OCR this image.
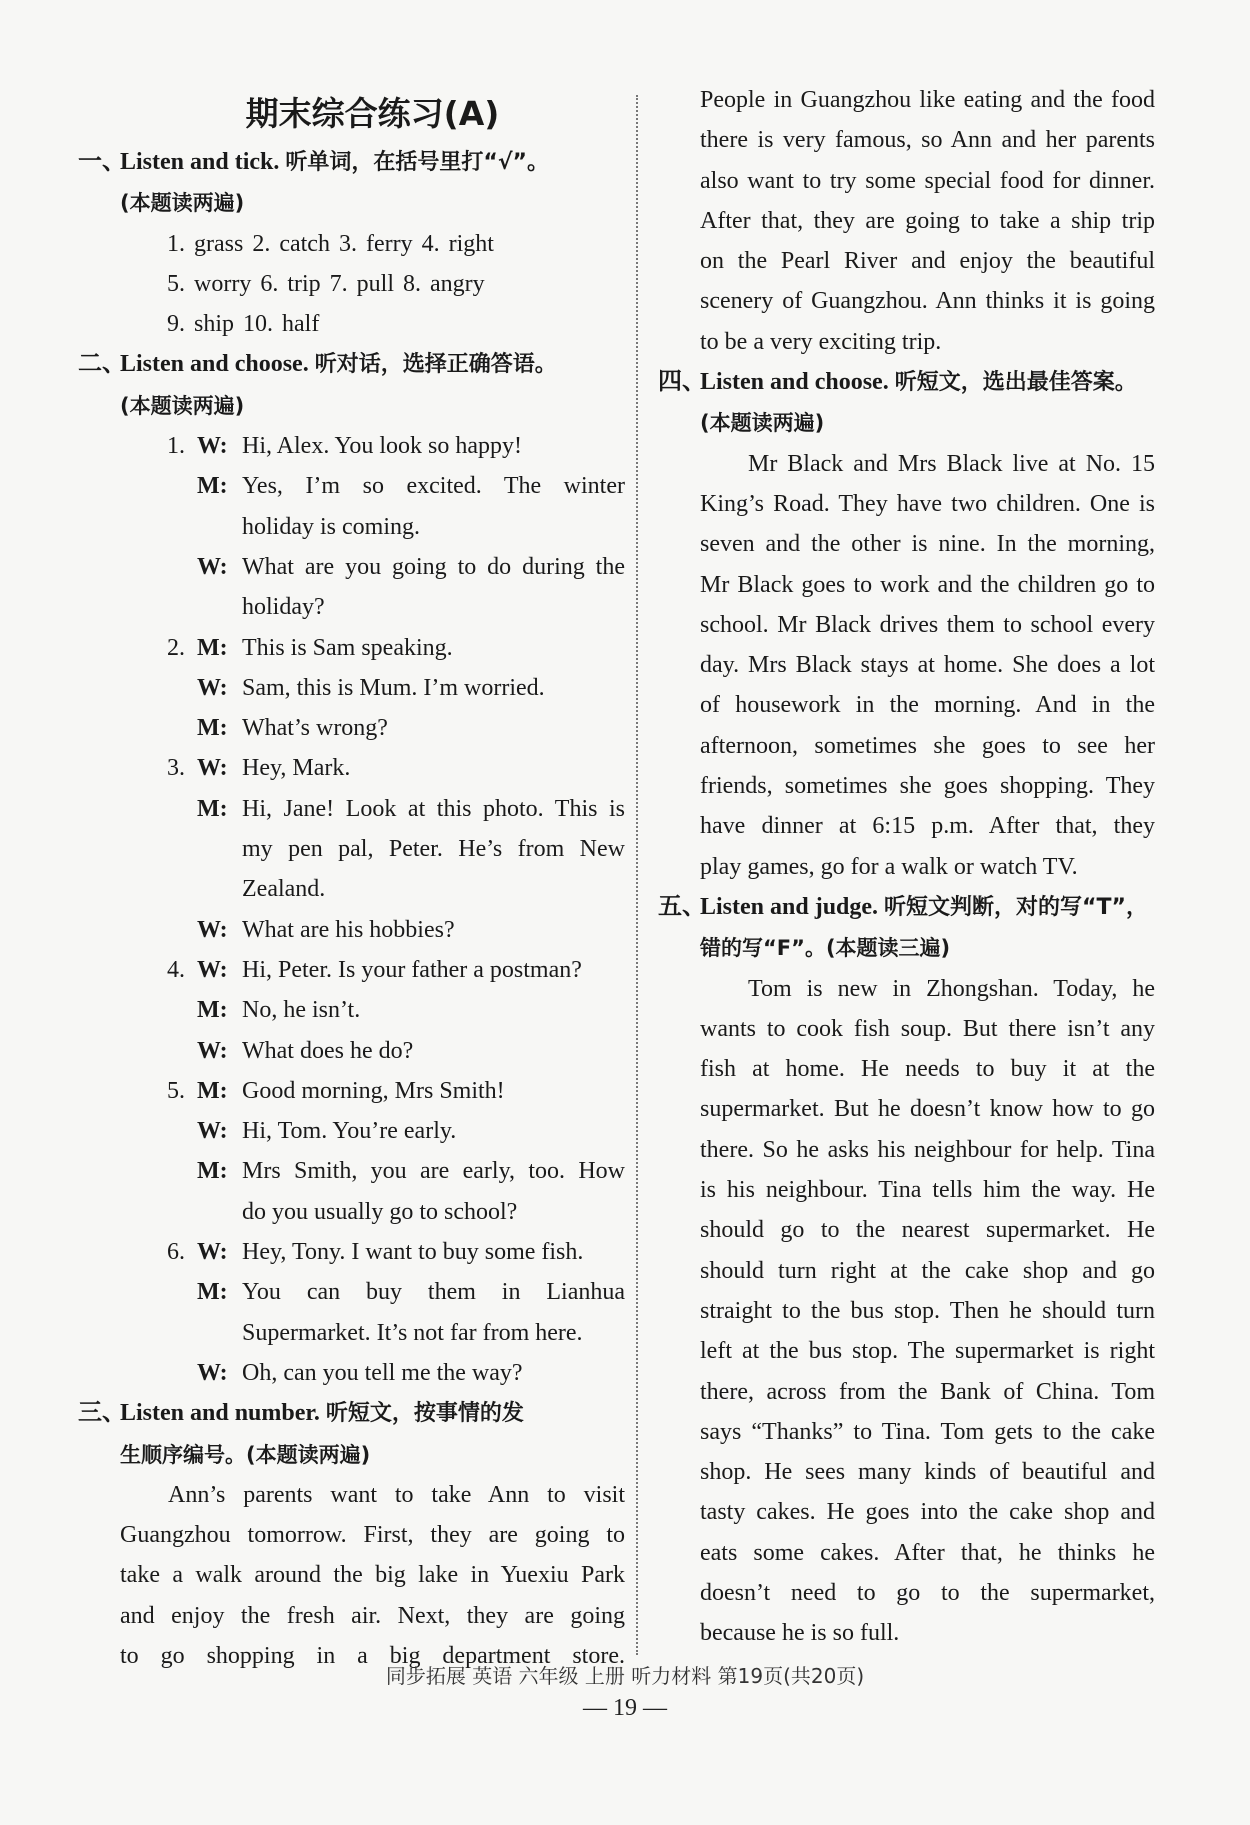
期末综合练习(A)
一、
Listen and tick. 听单词，在括号里打“√”。
(本题读两遍)
1. grass 2. catch 3. ferry 4. right
5. worry 6. trip 7. pull 8. angry
9. ship 10. half
二、
Listen and choose. 听对话，选择正确答语。
(本题读两遍)
1. W: Hi, Alex. You look so happy!
M: Yes, I’m so excited. The winter
holiday is coming.
W: What are you going to do during the
holiday?
2. M: This is Sam speaking.
W: Sam, this is Mum. I’m worried.
M: What’s wrong?
3. W: Hey, Mark.
M: Hi, Jane! Look at this photo. This is
my pen pal, Peter. He’s from New
Zealand.
W: What are his hobbies?
4. W: Hi, Peter. Is your father a postman?
M: No, he isn’t.
W: What does he do?
5. M: Good morning, Mrs Smith!
W: Hi, Tom. You’re early.
M: Mrs Smith, you are early, too. How
do you usually go to school?
6. W: Hey, Tony. I want to buy some fish.
M: You can buy them in Lianhua
Supermarket. It’s not far from here.
W: Oh, can you tell me the way?
三、
Listen and number. 听短文，按事情的发
生顺序编号。(本题读两遍)
Ann’s parents want to take Ann to visit
Guangzhou tomorrow. First, they are going to
take a walk around the big lake in Yuexiu Park
and enjoy the fresh air. Next, they are going
to go shopping in a big department store.
People in Guangzhou like eating and the food
there is very famous, so Ann and her parents
also want to try some special food for dinner.
After that, they are going to take a ship trip
on the Pearl River and enjoy the beautiful
scenery of Guangzhou. Ann thinks it is going
to be a very exciting trip.
四、
Listen and choose. 听短文，选出最佳答案。
(本题读两遍)
Mr Black and Mrs Black live at No. 15
King’s Road. They have two children. One is
seven and the other is nine. In the morning,
Mr Black goes to work and the children go to
school. Mr Black drives them to school every
day. Mrs Black stays at home. She does a lot
of housework in the morning. And in the
afternoon, sometimes she goes to see her
friends, sometimes she goes shopping. They
have dinner at 6:15 p.m. After that, they
play games, go for a walk or watch TV.
五、
Listen and judge. 听短文判断，对的写“T”，
错的写“F”。(本题读三遍)
Tom is new in Zhongshan. Today, he
wants to cook fish soup. But there isn’t any
fish at home. He needs to buy it at the
supermarket. But he doesn’t know how to go
there. So he asks his neighbour for help. Tina
is his neighbour. Tina tells him the way. He
should go to the nearest supermarket. He
should turn right at the cake shop and go
straight to the bus stop. Then he should turn
left at the bus stop. The supermarket is right
there, across from the Bank of China. Tom
says “Thanks” to Tina. Tom gets to the cake
shop. He sees many kinds of beautiful and
tasty cakes. He goes into the cake shop and
eats some cakes. After that, he thinks he
doesn’t need to go to the supermarket,
because he is so full.
同步拓展 英语 六年级 上册 听力材料 第19页(共20页)
— 19 —
